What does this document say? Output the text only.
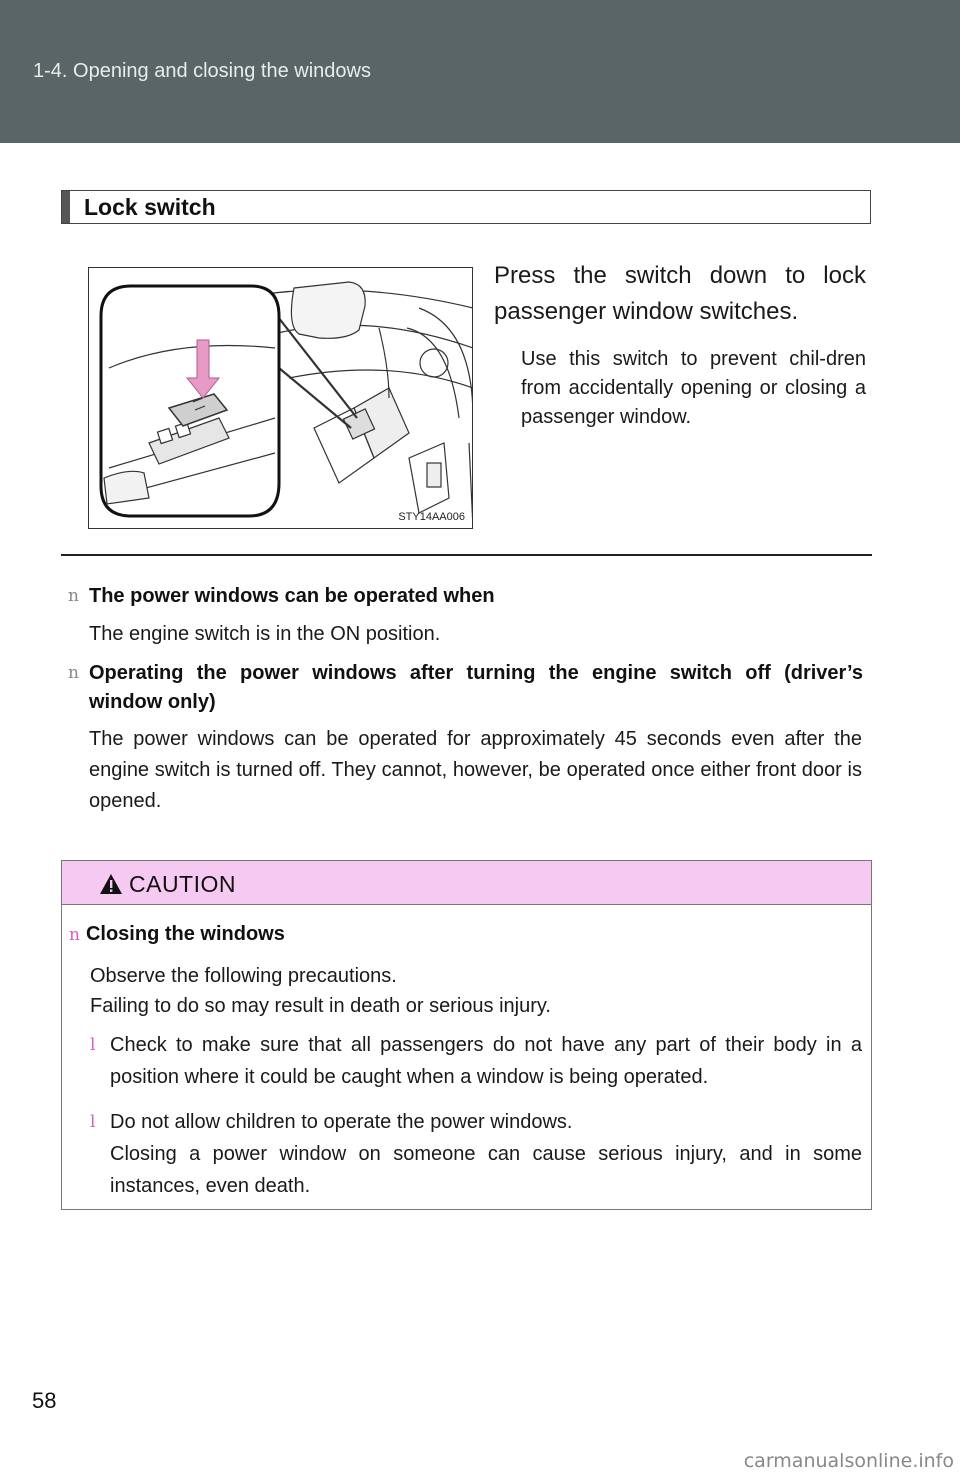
1-4. Opening and closing the windows
Lock switch
STY14AA006
Press the switch down to lock passenger window switches.
Use this switch to prevent chil-dren from accidentally opening or closing a passenger window.
n The power windows can be operated when
The engine switch is in the ON position.
n Operating the power windows after turning the engine switch off (driver’s window only)
The power windows can be operated for approximately 45 seconds even after the engine switch is turned off. They cannot, however, be operated once either front door is opened.
CAUTION
n Closing the windows
Observe the following precautions.
Failing to do so may result in death or serious injury.
l Check to make sure that all passengers do not have any part of their body in a position where it could be caught when a window is being operated.
l Do not allow children to operate the power windows.
Closing a power window on someone can cause serious injury, and in some instances, even death.
58
carmanualsonline.info
